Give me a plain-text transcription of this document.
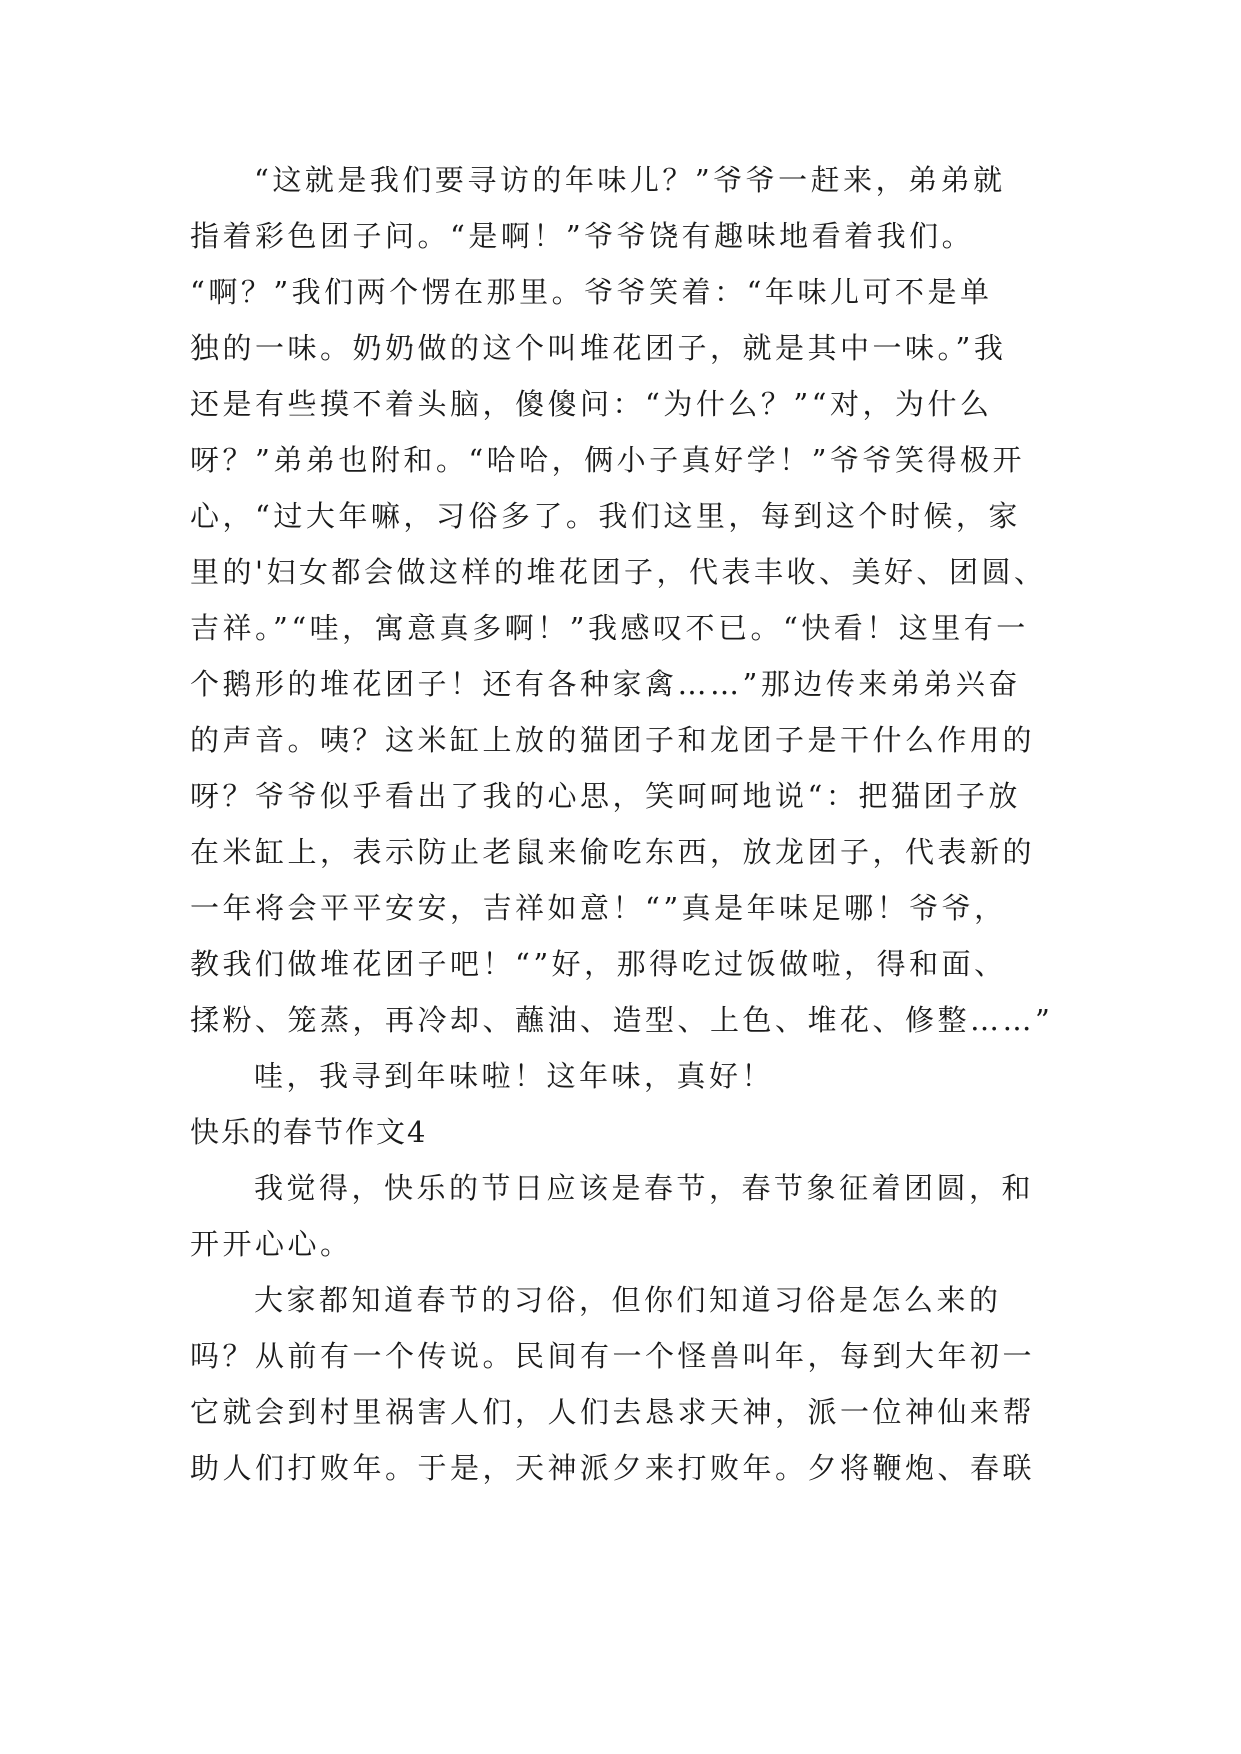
“这就是我们要寻访的年味儿？”爷爷一赶来，弟弟就
指着彩色团子问。“是啊！”爷爷饶有趣味地看着我们。
“啊？”我们两个愣在那里。爷爷笑着：“年味儿可不是单
独的一味。奶奶做的这个叫堆花团子，就是其中一味。”我
还是有些摸不着头脑，傻傻问：“为什么？”“对，为什么
呀？”弟弟也附和。“哈哈，俩小子真好学！”爷爷笑得极开
心，“过大年嘛，习俗多了。我们这里，每到这个时候，家
里的'妇女都会做这样的堆花团子，代表丰收、美好、团圆、
吉祥。”“哇，寓意真多啊！”我感叹不已。“快看！这里有一
个鹅形的堆花团子！还有各种家禽……”那边传来弟弟兴奋
的声音。咦？这米缸上放的猫团子和龙团子是干什么作用的
呀？爷爷似乎看出了我的心思，笑呵呵地说“：把猫团子放
在米缸上，表示防止老鼠来偷吃东西，放龙团子，代表新的
一年将会平平安安，吉祥如意！“”真是年味足哪！爷爷，
教我们做堆花团子吧！“”好，那得吃过饭做啦，得和面、
揉粉、笼蒸，再冷却、蘸油、造型、上色、堆花、修整……”
哇，我寻到年味啦！这年味，真好！
快乐的春节作文4
我觉得，快乐的节日应该是春节，春节象征着团圆，和
开开心心。
大家都知道春节的习俗，但你们知道习俗是怎么来的
吗？从前有一个传说。民间有一个怪兽叫年，每到大年初一
它就会到村里祸害人们，人们去恳求天神，派一位神仙来帮
助人们打败年。于是，天神派夕来打败年。夕将鞭炮、春联
